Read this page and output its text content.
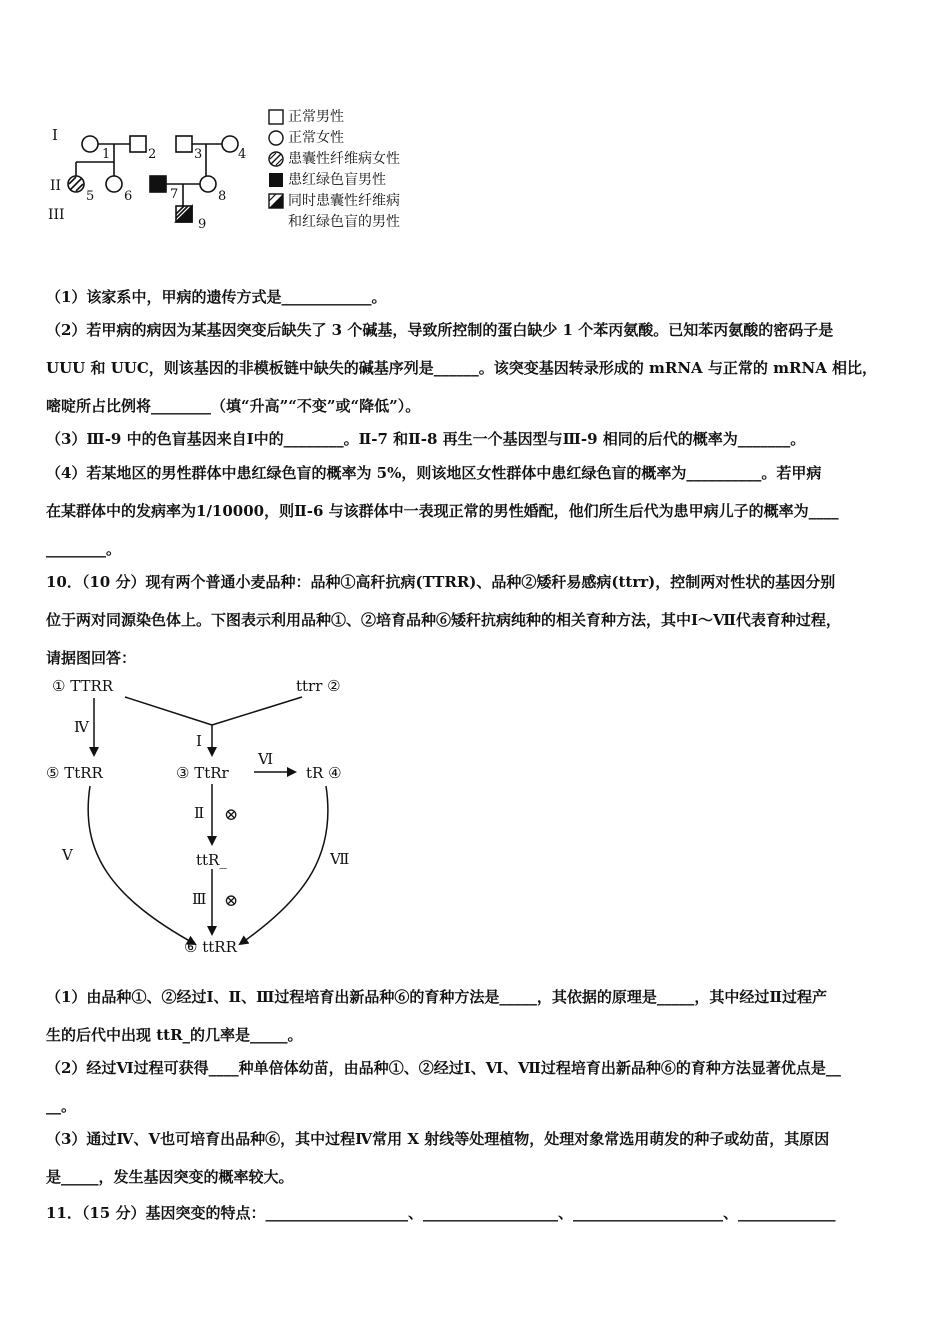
I
II
III
1	2	3	4
5 6	7	8
9
正常男性
正常女性
患囊性纤维病女性
患红绿色盲男性
同时患囊性纤维病
和红绿色盲的男性
（1）该家系中，甲病的遗传方式是____________。
（2）若甲病的病因为某基因突变后缺失了 3 个碱基，导致所控制的蛋白缺少 1 个苯丙氨酸。已知苯丙氨酸的密码子是
UUU 和 UUC，则该基因的非模板链中缺失的碱基序列是______。该突变基因转录形成的 mRNA 与正常的 mRNA 相比，
嘧啶所占比例将________（填“升高”“不变”或“降低”）。
（3）Ⅲ-9 中的色盲基因来自Ⅰ中的________。Ⅱ-7 和Ⅱ-8 再生一个基因型与Ⅲ-9 相同的后代的概率为_______。
（4）若某地区的男性群体中患红绿色盲的概率为 5%，则该地区女性群体中患红绿色盲的概率为__________。若甲病
在某群体中的发病率为1/10000，则Ⅱ-6 与该群体中一表现正常的男性婚配，他们所生后代为患甲病儿子的概率为____
________。
10．（10 分）现有两个普通小麦品种：品种①高秆抗病(TTRR)、品种②矮秆易感病(ttrr)，控制两对性状的基因分别
位于两对同源染色体上。下图表示利用品种①、②培育品种⑥矮秆抗病纯种的相关育种方法，其中Ⅰ～Ⅶ代表育种过程，
请据图回答：
① TTRR	ttrr ②
⑤ TtRR	③ TtRr	tR ④
ttR_
⑥ ttRR
Ⅰ
Ⅱ
Ⅲ
Ⅳ
Ⅴ
Ⅵ
Ⅶ
⊗
⊗
（1）由品种①、②经过Ⅰ、Ⅱ、Ⅲ过程培育出新品种⑥的育种方法是_____，其依据的原理是_____，其中经过Ⅱ过程产
生的后代中出现 ttR_的几率是_____。
（2）经过Ⅵ过程可获得____种单倍体幼苗，由品种①、②经过Ⅰ、Ⅵ、Ⅶ过程培育出新品种⑥的育种方法显著优点是__
__。
（3）通过Ⅳ、Ⅴ也可培育出品种⑥，其中过程Ⅳ常用 X 射线等处理植物，处理对象常选用萌发的种子或幼苗，其原因
是_____，发生基因突变的概率较大。
11．（15 分）基因突变的特点：___________________、__________________、____________________、_____________
